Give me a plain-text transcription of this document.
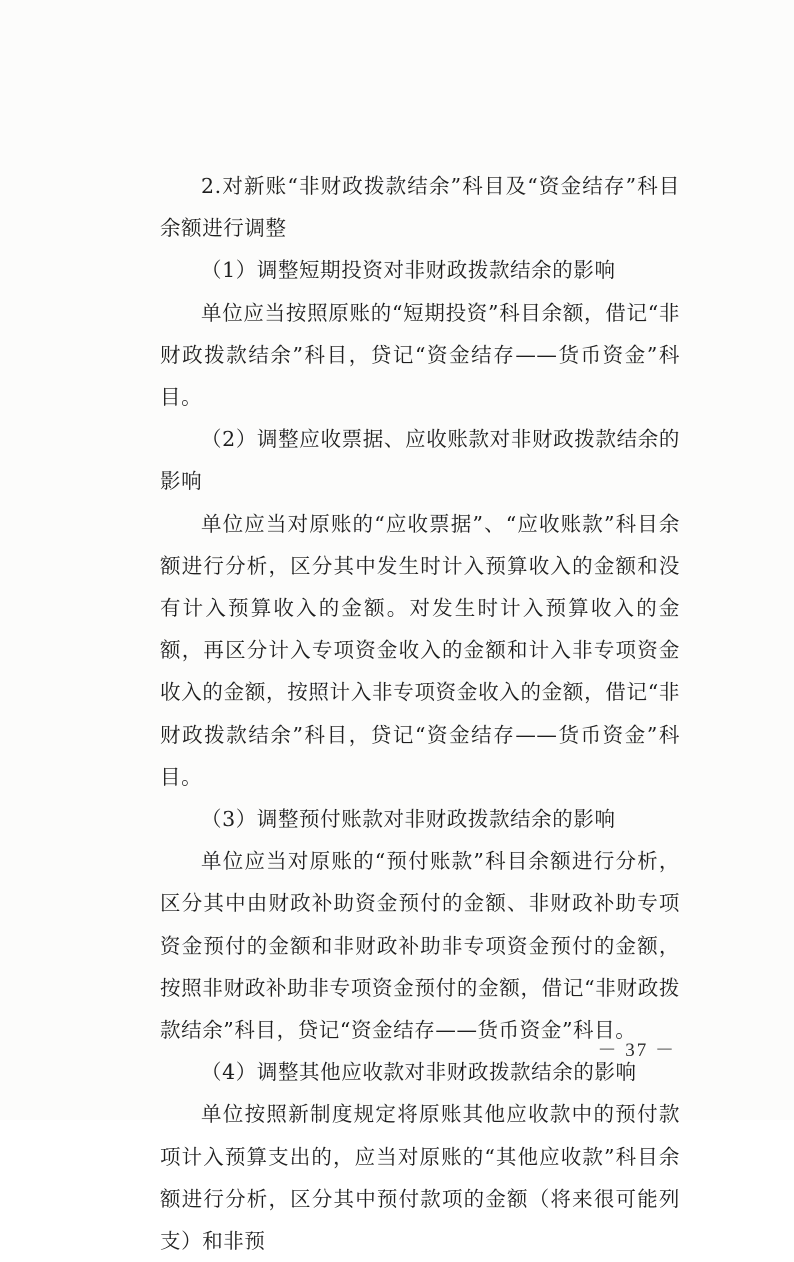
2.对新账“非财政拨款结余”科目及“资金结存”科目余额进行调整

（1）调整短期投资对非财政拨款结余的影响

单位应当按照原账的“短期投资”科目余额，借记“非财政拨款结余”科目，贷记“资金结存——货币资金”科目。

（2）调整应收票据、应收账款对非财政拨款结余的影响

单位应当对原账的“应收票据”、“应收账款”科目余额进行分析，区分其中发生时计入预算收入的金额和没有计入预算收入的金额。对发生时计入预算收入的金额，再区分计入专项资金收入的金额和计入非专项资金收入的金额，按照计入非专项资金收入的金额，借记“非财政拨款结余”科目，贷记“资金结存——货币资金”科目。

（3）调整预付账款对非财政拨款结余的影响

单位应当对原账的“预付账款”科目余额进行分析，区分其中由财政补助资金预付的金额、非财政补助专项资金预付的金额和非财政补助非专项资金预付的金额，按照非财政补助非专项资金预付的金额，借记“非财政拨款结余”科目，贷记“资金结存——货币资金”科目。

（4）调整其他应收款对非财政拨款结余的影响

单位按照新制度规定将原账其他应收款中的预付款项计入预算支出的，应当对原账的“其他应收款”科目余额进行分析，区分其中预付款项的金额（将来很可能列支）和非预

－ 37 －
